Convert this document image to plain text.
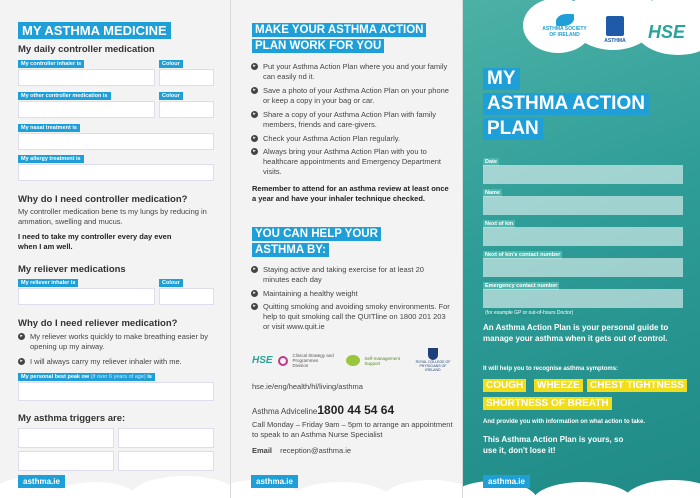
MY ASTHMA MEDICINE
My daily controller medication
My controller inhaler is	Colour
My other controller medication is	Colour
My nasal treatment is
My allergy treatment is
Why do I need controller medication?
My controller medication bene ts my lungs by reducing in ammation, swelling and mucus.
I need to take my controller every day even when I am well.
My reliever medications
My reliever inhaler is	Colour
Why do I need reliever medication?
▸ My reliever works quickly to make breathing easier by opening up my airway.
▸ I will always carry my reliever inhaler with me.
My personal best peak ow (if over 6 years of age) is
My asthma triggers are:
MAKE YOUR ASTHMA ACTION
PLAN WORK FOR YOU
▸ Put your Asthma Action Plan where you and your family can easily nd it.
▸ Save a photo of your Asthma Action Plan on your phone or keep a copy in your bag or car.
▸ Share a copy of your Asthma Action Plan with family members, friends and care-givers.
▸ Check your Asthma Action Plan regularly.
▸ Always bring your Asthma Action Plan with you to healthcare appointments and Emergency Department visits.
Remember to attend for an asthma review at least once a year and have your inhaler technique checked.
YOU CAN HELP YOUR
ASTHMA BY:
▸ Staying active and taking exercise for at least 20 minutes each day
▸ Maintaining a healthy weight
▸ Quitting smoking and avoiding smoky environments. For help to quit smoking call the QUITline on 1800 201 203 or visit www.quit.ie
HSE	Clinical Strategy and Programmes Division
Self-management Support	ROYAL COLLEGE OF PHYSICIANS OF IRELAND
hse.ie/eng/health/hl/living/asthma
Asthma Adviceline1800 44 54 64
Call Monday – Friday 9am – 5pm to arrange an appointment to speak to an Asthma Nurse Specialist
Email reception@asthma.ie
asthma.ie
ASTHMA SOCIETY OF IRELAND
ASTHMA	HSE
MY
ASTHMA ACTION
PLAN
Date
Name
Next of kin
Next of kin's contact number
Emergency contact number
(for example GP or out-of-hours Doctor)
An Asthma Action Plan is your personal guide to manage your asthma when it gets out of control.
It will help you to recognise asthma symptoms:
COUGH	WHEEZE	CHEST TIGHTNESS
SHORTNESS OF BREATH
And provide you with information on what action to take.
This Asthma Action Plan is yours, so use it, don't lose it!
asthma.ie
asthma.ie
